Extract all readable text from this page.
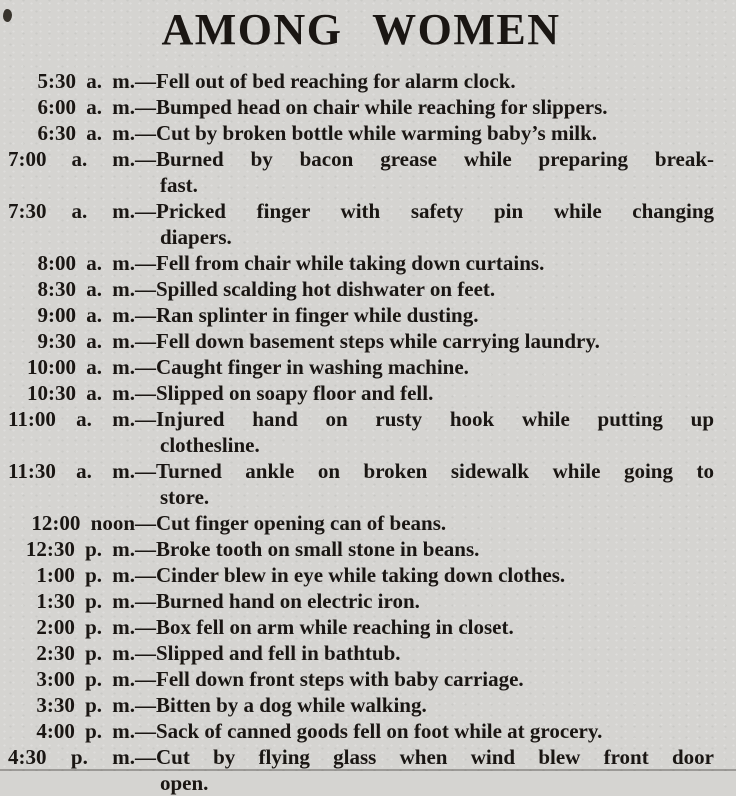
AMONG WOMEN
5:30 a. m.—Fell out of bed reaching for alarm clock.
6:00 a. m.—Bumped head on chair while reaching for slippers.
6:30 a. m.—Cut by broken bottle while warming baby’s milk.
7:00 a. m.—Burned by bacon grease while preparing break-
fast.
7:30 a. m.—Pricked finger with safety pin while changing
diapers.
8:00 a. m.—Fell from chair while taking down curtains.
8:30 a. m.—Spilled scalding hot dishwater on feet.
9:00 a. m.—Ran splinter in finger while dusting.
9:30 a. m.—Fell down basement steps while carrying laundry.
10:00 a. m.—Caught finger in washing machine.
10:30 a. m.—Slipped on soapy floor and fell.
11:00 a. m.—Injured hand on rusty hook while putting up
clothesline.
11:30 a. m.—Turned ankle on broken sidewalk while going to
store.
12:00 noon—Cut finger opening can of beans.
12:30 p. m.—Broke tooth on small stone in beans.
1:00 p. m.—Cinder blew in eye while taking down clothes.
1:30 p. m.—Burned hand on electric iron.
2:00 p. m.—Box fell on arm while reaching in closet.
2:30 p. m.—Slipped and fell in bathtub.
3:00 p. m.—Fell down front steps with baby carriage.
3:30 p. m.—Bitten by a dog while walking.
4:00 p. m.—Sack of canned goods fell on foot while at grocery.
4:30 p. m.—Cut by flying glass when wind blew front door
open.
